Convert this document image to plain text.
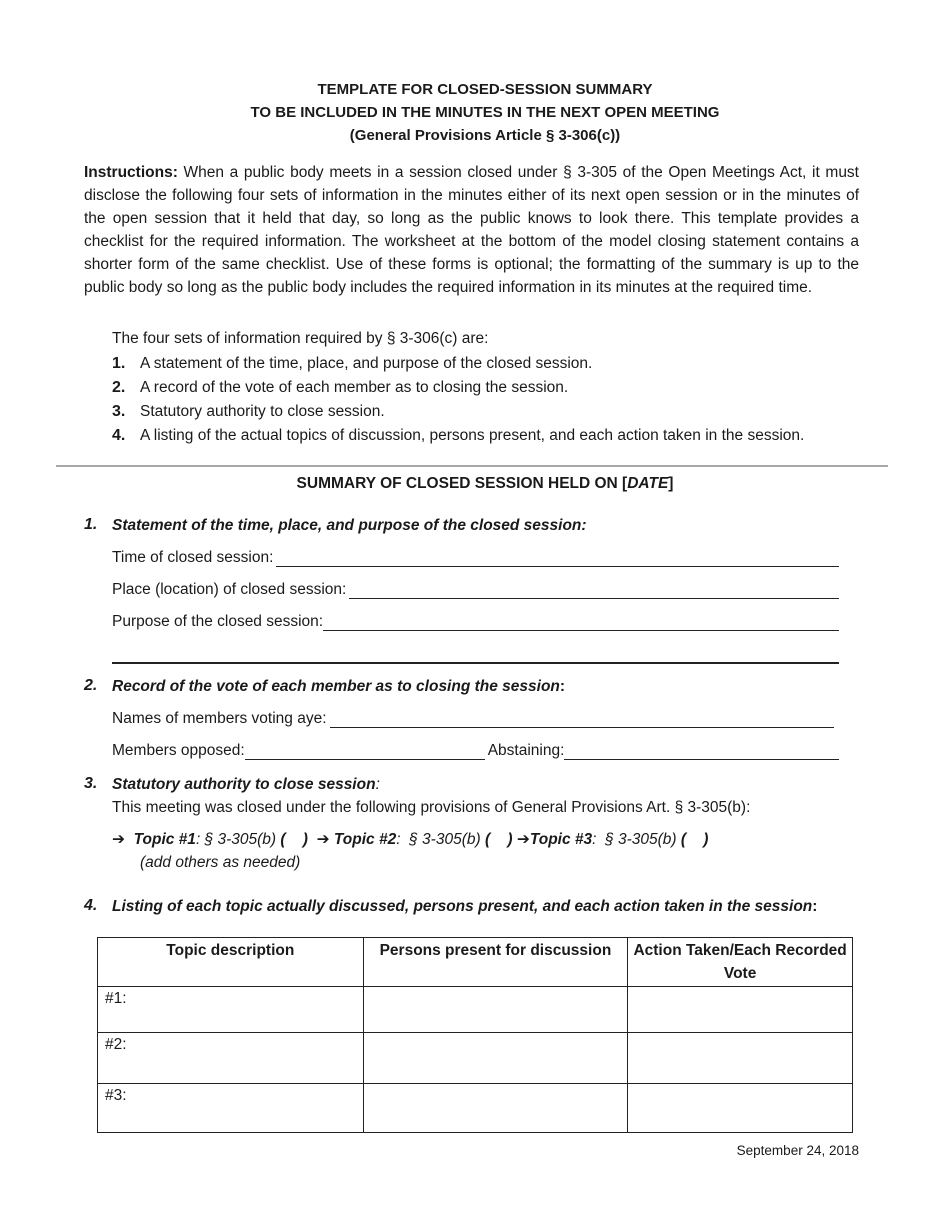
TEMPLATE FOR CLOSED-SESSION SUMMARY
TO BE INCLUDED IN THE MINUTES IN THE NEXT OPEN MEETING
(General Provisions Article § 3-306(c))
Instructions: When a public body meets in a session closed under § 3-305 of the Open Meetings Act, it must disclose the following four sets of information in the minutes either of its next open session or in the minutes of the open session that it held that day, so long as the public knows to look there. This template provides a checklist for the required information. The worksheet at the bottom of the model closing statement contains a shorter form of the same checklist. Use of these forms is optional; the formatting of the summary is up to the public body so long as the public body includes the required information in its minutes at the required time.
The four sets of information required by § 3-306(c) are:
1. A statement of the time, place, and purpose of the closed session.
2. A record of the vote of each member as to closing the session.
3. Statutory authority to close session.
4. A listing of the actual topics of discussion, persons present, and each action taken in the session.
SUMMARY OF CLOSED SESSION HELD ON [DATE]
1. Statement of the time, place, and purpose of the closed session:
Time of closed session:
Place (location) of closed session:
Purpose of the closed session:
2. Record of the vote of each member as to closing the session:
Names of members voting aye:
Members opposed:	Abstaining:
3. Statutory authority to close session:
This meeting was closed under the following provisions of General Provisions Art. § 3-305(b):
➔ Topic #1: § 3-305(b) (    ) ➔ Topic #2:  § 3-305(b) (    ) ➔Topic #3:  § 3-305(b) (    )
(add others as needed)
4. Listing of each topic actually discussed, persons present, and each action taken in the session:
Topic description	Persons present for discussion	Action Taken/Each Recorded Vote
#1:		
#2:		
#3:		
September 24, 2018
